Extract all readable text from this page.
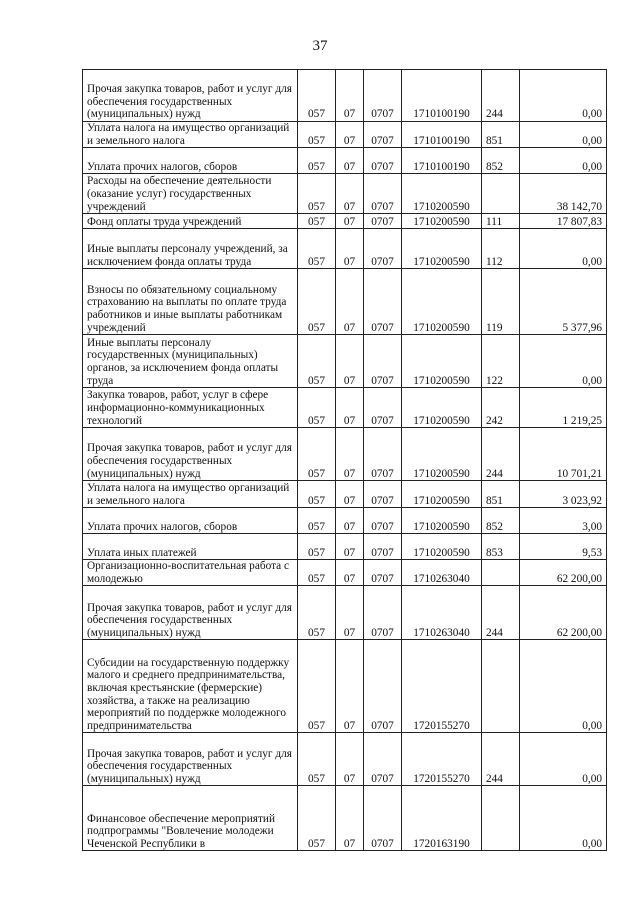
37
Прочая закупка товаров, работ и услуг для обеспечения государственных (муниципальных) нужд	057	07	0707	1710100190	244	0,00
Уплата налога на имущество организаций и земельного налога	057	07	0707	1710100190	851	0,00
Уплата прочих налогов, сборов	057	07	0707	1710100190	852	0,00
Расходы на обеспечение деятельности (оказание услуг) государственных учреждений	057	07	0707	1710200590		38 142,70
Фонд оплаты труда учреждений	057	07	0707	1710200590	111	17 807,83
Иные выплаты персоналу учреждений, за исключением фонда оплаты труда	057	07	0707	1710200590	112	0,00
Взносы по обязательному социальному страхованию на выплаты по оплате труда работников и иные выплаты работникам учреждений	057	07	0707	1710200590	119	5 377,96
Иные выплаты персоналу государственных (муниципальных) органов, за исключением фонда оплаты труда	057	07	0707	1710200590	122	0,00
Закупка товаров, работ, услуг в сфере информационно-коммуникационных технологий	057	07	0707	1710200590	242	1 219,25
Прочая закупка товаров, работ и услуг для обеспечения государственных (муниципальных) нужд	057	07	0707	1710200590	244	10 701,21
Уплата налога на имущество организаций и земельного налога	057	07	0707	1710200590	851	3 023,92
Уплата прочих налогов, сборов	057	07	0707	1710200590	852	3,00
Уплата иных платежей	057	07	0707	1710200590	853	9,53
Организационно-воспитательная работа с молодежью	057	07	0707	1710263040		62 200,00
Прочая закупка товаров, работ и услуг для обеспечения государственных (муниципальных) нужд	057	07	0707	1710263040	244	62 200,00
Субсидии на государственную поддержку малого и среднего предпринимательства, включая крестьянские (фермерские) хозяйства, а также на реализацию мероприятий по поддержке молодежного предпринимательства	057	07	0707	1720155270		0,00
Прочая закупка товаров, работ и услуг для обеспечения государственных (муниципальных) нужд	057	07	0707	1720155270	244	0,00
Финансовое обеспечение мероприятий подпрограммы "Вовлечение молодежи Чеченской Республики в	057	07	0707	1720163190		0,00
